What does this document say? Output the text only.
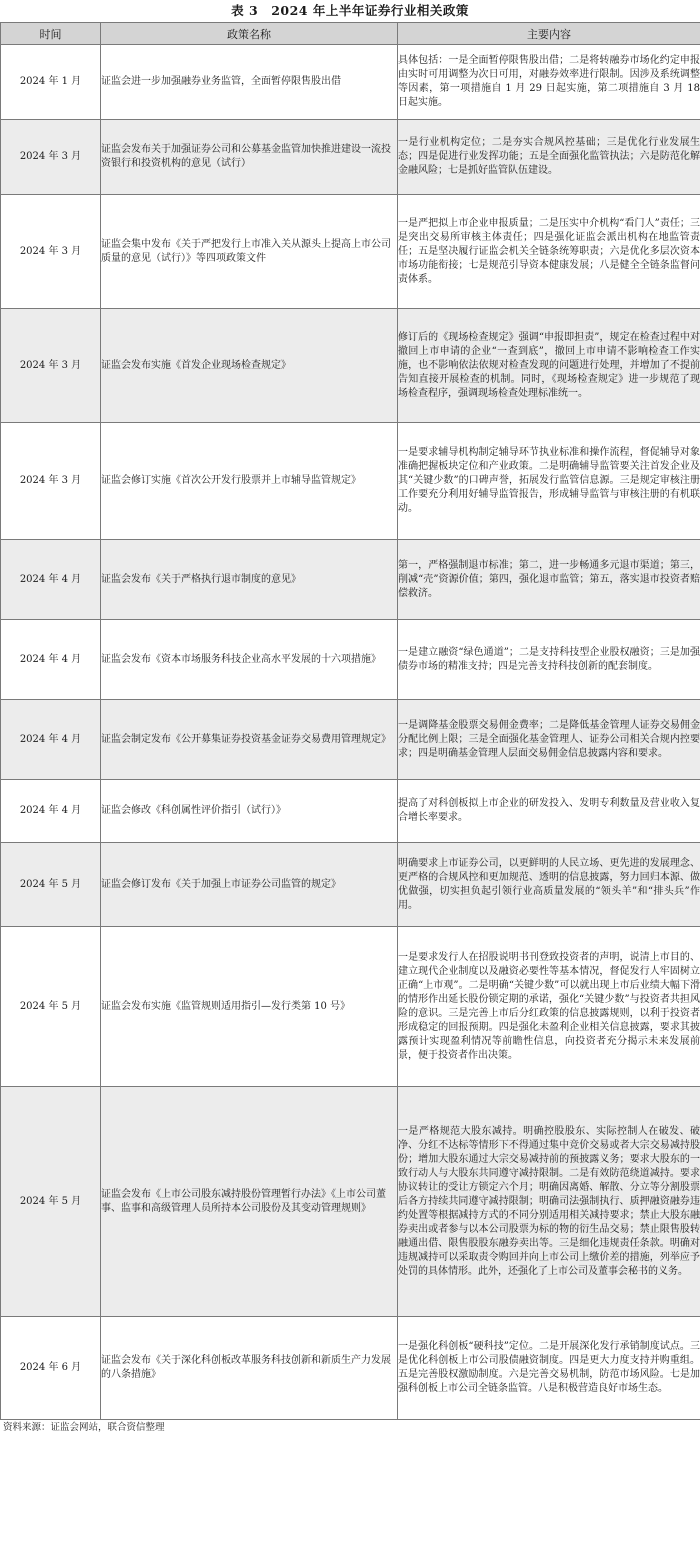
表 3　2024 年上半年证券行业相关政策
时间	政策名称	主要内容
2024 年 1 月	证监会进一步加强融券业务监管，全面暂停限售股出借	具体包括：一是全面暂停限售股出借；二是将转融券市场化约定申报由实时可用调整为次日可用，对融券效率进行限制。因涉及系统调整等因素，第一项措施自 1 月 29 日起实施，第二项措施自 3 月 18 日起实施。
2024 年 3 月	证监会发布关于加强证券公司和公募基金监管加快推进建设一流投资银行和投资机构的意见（试行）	一是行业机构定位；二是夯实合规风控基础；三是优化行业发展生态；四是促进行业发挥功能；五是全面强化监管执法；六是防范化解金融风险；七是抓好监管队伍建设。
2024 年 3 月	证监会集中发布《关于严把发行上市准入关从源头上提高上市公司质量的意见（试行）》等四项政策文件	一是严把拟上市企业申报质量；二是压实中介机构“看门人”责任；三是突出交易所审核主体责任；四是强化证监会派出机构在地监管责任；五是坚决履行证监会机关全链条统筹职责；六是优化多层次资本市场功能衔接；七是规范引导资本健康发展；八是健全全链条监督问责体系。
2024 年 3 月	证监会发布实施《首发企业现场检查规定》	修订后的《现场检查规定》强调“申报即担责”，规定在检查过程中对撤回上市申请的企业“一查到底”，撤回上市申请不影响检查工作实施，也不影响依法依规对检查发现的问题进行处理，并增加了不提前告知直接开展检查的机制。同时，《现场检查规定》进一步规范了现场检查程序，强调现场检查处理标准统一。
2024 年 3 月	证监会修订实施《首次公开发行股票并上市辅导监管规定》	一是要求辅导机构制定辅导环节执业标准和操作流程，督促辅导对象准确把握板块定位和产业政策。二是明确辅导监管要关注首发企业及其“关键少数”的口碑声誉，拓展发行监管信息源。三是规定审核注册工作要充分利用好辅导监管报告，形成辅导监管与审核注册的有机联动。
2024 年 4 月	证监会发布《关于严格执行退市制度的意见》	第一，严格强制退市标准；第二，进一步畅通多元退市渠道；第三，削减“壳”资源价值；第四，强化退市监管；第五，落实退市投资者赔偿救济。
2024 年 4 月	证监会发布《资本市场服务科技企业高水平发展的十六项措施》	一是建立融资“绿色通道”；二是支持科技型企业股权融资；三是加强债券市场的精准支持；四是完善支持科技创新的配套制度。
2024 年 4 月	证监会制定发布《公开募集证券投资基金证券交易费用管理规定》	一是调降基金股票交易佣金费率；二是降低基金管理人证券交易佣金分配比例上限；三是全面强化基金管理人、证券公司相关合规内控要求；四是明确基金管理人层面交易佣金信息披露内容和要求。
2024 年 4 月	证监会修改《科创属性评价指引（试行）》	提高了对科创板拟上市企业的研发投入、发明专利数量及营业收入复合增长率要求。
2024 年 5 月	证监会修订发布《关于加强上市证券公司监管的规定》	明确要求上市证券公司，以更鲜明的人民立场、更先进的发展理念、更严格的合规风控和更加规范、透明的信息披露，努力回归本源、做优做强，切实担负起引领行业高质量发展的“领头羊”和“排头兵”作用。
2024 年 5 月	证监会发布实施《监管规则适用指引—发行类第 10 号》	一是要求发行人在招股说明书刊登致投资者的声明，说清上市目的、建立现代企业制度以及融资必要性等基本情况，督促发行人牢固树立正确“上市观”。二是明确“关键少数”可以就出现上市后业绩大幅下滑的情形作出延长股份锁定期的承诺，强化“关键少数”与投资者共担风险的意识。三是完善上市后分红政策的信息披露规则，以利于投资者形成稳定的回报预期。四是强化未盈利企业相关信息披露，要求其披露预计实现盈利情况等前瞻性信息，向投资者充分揭示未来发展前景，便于投资者作出决策。
2024 年 5 月	证监会发布《上市公司股东减持股份管理暂行办法》《上市公司董事、监事和高级管理人员所持本公司股份及其变动管理规则》	一是严格规范大股东减持。明确控股股东、实际控制人在破发、破净、分红不达标等情形下不得通过集中竞价交易或者大宗交易减持股份；增加大股东通过大宗交易减持前的预披露义务；要求大股东的一致行动人与大股东共同遵守减持限制。二是有效防范绕道减持。要求协议转让的受让方锁定六个月；明确因离婚、解散、分立等分割股票后各方持续共同遵守减持限制；明确司法强制执行、质押融资融券违约处置等根据减持方式的不同分别适用相关减持要求；禁止大股东融券卖出或者参与以本公司股票为标的物的衍生品交易；禁止限售股转融通出借、限售股股东融券卖出等。三是细化违规责任条款。明确对违规减持可以采取责令购回并向上市公司上缴价差的措施，列举应予处罚的具体情形。此外，还强化了上市公司及董事会秘书的义务。
2024 年 6 月	证监会发布《关于深化科创板改革服务科技创新和新质生产力发展的八条措施》	一是强化科创板“硬科技”定位。二是开展深化发行承销制度试点。三是优化科创板上市公司股债融资制度。四是更大力度支持并购重组。五是完善股权激励制度。六是完善交易机制，防范市场风险。七是加强科创板上市公司全链条监管。八是积极营造良好市场生态。
资料来源：证监会网站，联合资信整理
